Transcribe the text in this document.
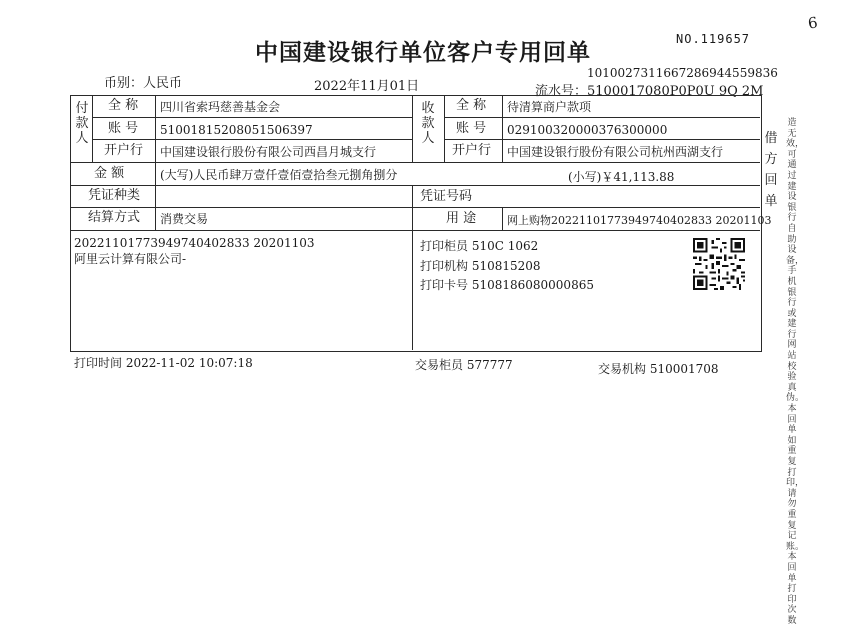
中国建设银行单位客户专用回单
NO.119657
6
币别：人民币	2022年11月01日
1010027311667286944559836
流水号：5100017080P0P0U 9Q 2M
付款人
全 称 四川省索玛慈善基金会
账 号 51001815208051506397
开户行 中国建设银行股份有限公司西昌月城支行
收款人
全 称 待清算商户款项
账 号 029100320000376300000
开户行 中国建设银行股份有限公司杭州西湖支行
金 额	(大写)人民币肆万壹仟壹佰壹拾叁元捌角捌分	(小写)￥41,113.88
凭证种类	凭证号码
结算方式 消费交易	用 途	网上购物20221101773949740402833 20201103
20221101773949740402833 20201103
阿里云计算有限公司-
打印柜员 510C 1062
打印机构 510815208
打印卡号 5108186080000865
打印时间 2022-11-02 10:07:18	交易柜员 577777	交易机构 510001708
借方回单
造无效，可通过建设银行自助设备，手机银行或建行网站校验真伪。本回单如重复打印，请勿重复记账。本回单打印次数
